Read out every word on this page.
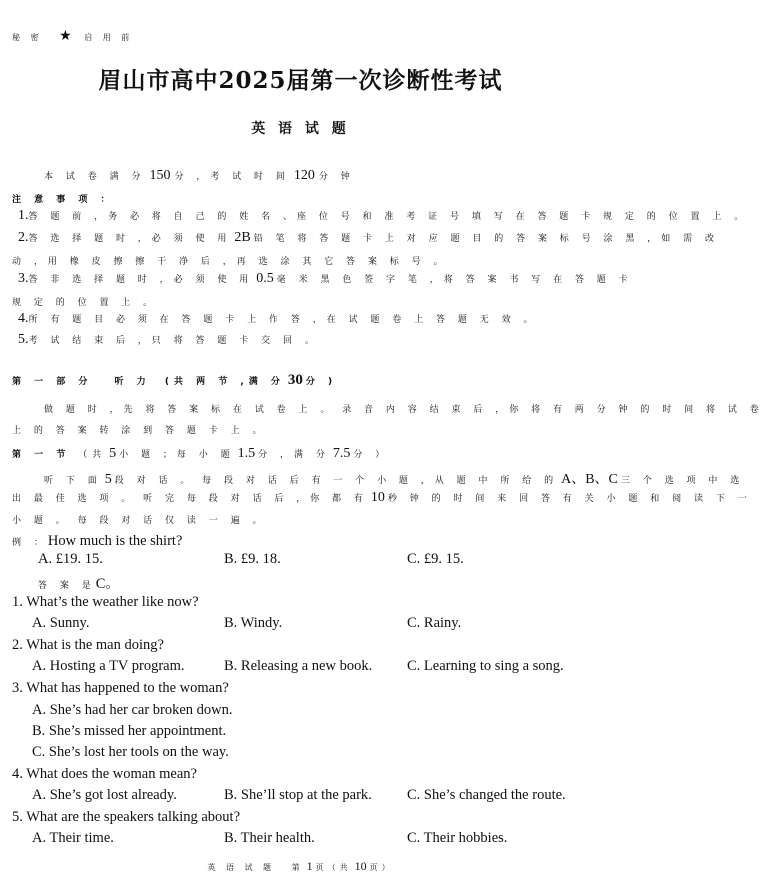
秘 密 ★ 启 用 前
眉山市高中2025届第一次诊断性考试
英 语 试 题
本 试 卷 满 分 150 分 ，考 试 时 间 120 分 钟
注 意 事 项 ：
1.答 题 前 ，务 必 将 自 己 的 姓 名 、座 位 号 和 准 考 证 号 填 写 在 答 题 卡 规 定 的 位 置 上 。
2.答 选 择 题 时 ，必 须 使 用 2B 铅 笔 将 答 题 卡 上 对 应 题 目 的 答 案 标 号 涂 黑 ，如 需 改
动 ，用 橡 皮 擦 擦 干 净 后 ，再 选 涂 其 它 答 案 标 号 。
3.答 非 选 择 题 时 ，必 须 使 用 0.5 毫 米 黑 色 签 字 笔 ，将 答 案 书 写 在 答 题 卡
规 定 的 位 置 上 。
4.所 有 题 目 必 须 在 答 题 卡 上 作 答 ，在 试 题 卷 上 答 题 无 效 。
5.考 试 结 束 后 ，只 将 答 题 卡 交 回 。
第 一 部 分 听 力 (共 两 节 ,满 分 30 分 )
做 题 时 ，先 将 答 案 标 在 试 卷 上 。 录 音 内 容 结 束 后 ，你 将 有 两 分 钟 的 时 间 将 试 卷
上 的 答 案 转 涂 到 答 题 卡 上 。
第 一 节 （共 5 小 题 ；每 小 题 1.5 分 ，满 分 7.5 分 ）
听 下 面 5 段 对 话 。 每 段 对 话 后 有 一 个 小 题 ，从 题 中 所 给 的 A、B、C 三 个 选 项 中 选
出 最 佳 选 项 。 听 完 每 段 对 话 后 ，你 都 有 10 秒 钟 的 时 间 来 回 答 有 关 小 题 和 阅 读 下 一
小 题 。 每 段 对 话 仅 读 一 遍 。
例 ：How much is the shirt?
A. £19. 15.	B. £9. 18.	C. £9. 15.
答 案 是C。
1. What’s the weather like now?
A. Sunny.	B. Windy.	C. Rainy.
2. What is the man doing?
A. Hosting a TV program.	B. Releasing a new book. C. Learning to sing a song.
3. What has happened to the woman?
A. She’s had her car broken down.
B. She’s missed her appointment.
C. She’s lost her tools on the way.
4. What does the woman mean?
A. She’s got lost already.	B. She’ll stop at the park. C. She’s changed the route.
5. What are the speakers talking about?
A. Their time.	B. Their health.	C. Their hobbies.
英 语 试 题 第 1 页（共 10 页）
